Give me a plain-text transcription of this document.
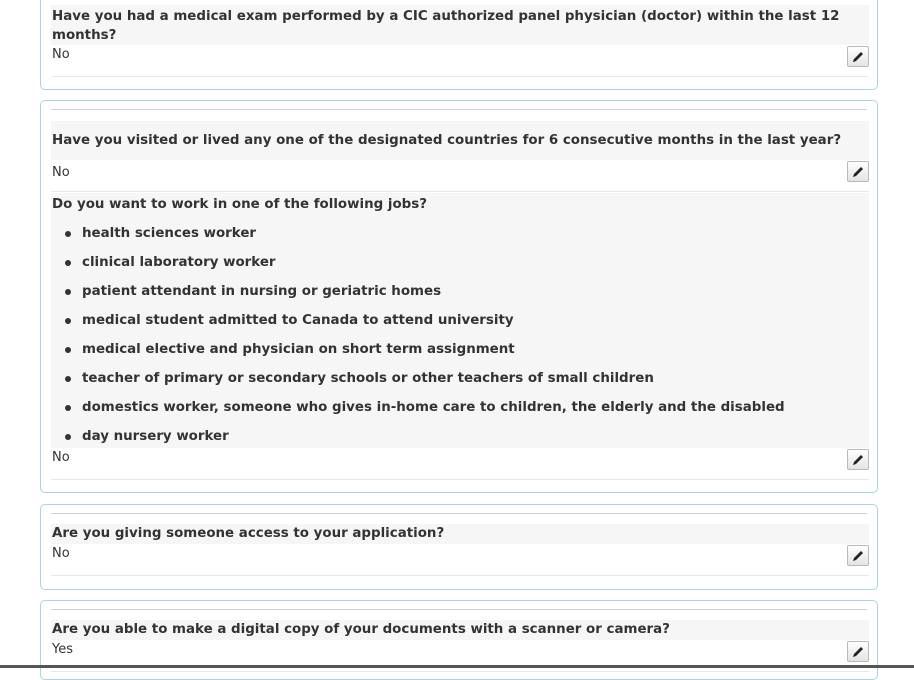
Have you had a medical exam performed by a CIC authorized panel physician (doctor) within the last 12 months?
No
Have you visited or lived any one of the designated countries for 6 consecutive months in the last year?
No
Do you want to work in one of the following jobs?
health sciences worker
clinical laboratory worker
patient attendant in nursing or geriatric homes
medical student admitted to Canada to attend university
medical elective and physician on short term assignment
teacher of primary or secondary schools or other teachers of small children
domestics worker, someone who gives in-home care to children, the elderly and the disabled
day nursery worker
No
Are you giving someone access to your application?
No
Are you able to make a digital copy of your documents with a scanner or camera?
Yes
